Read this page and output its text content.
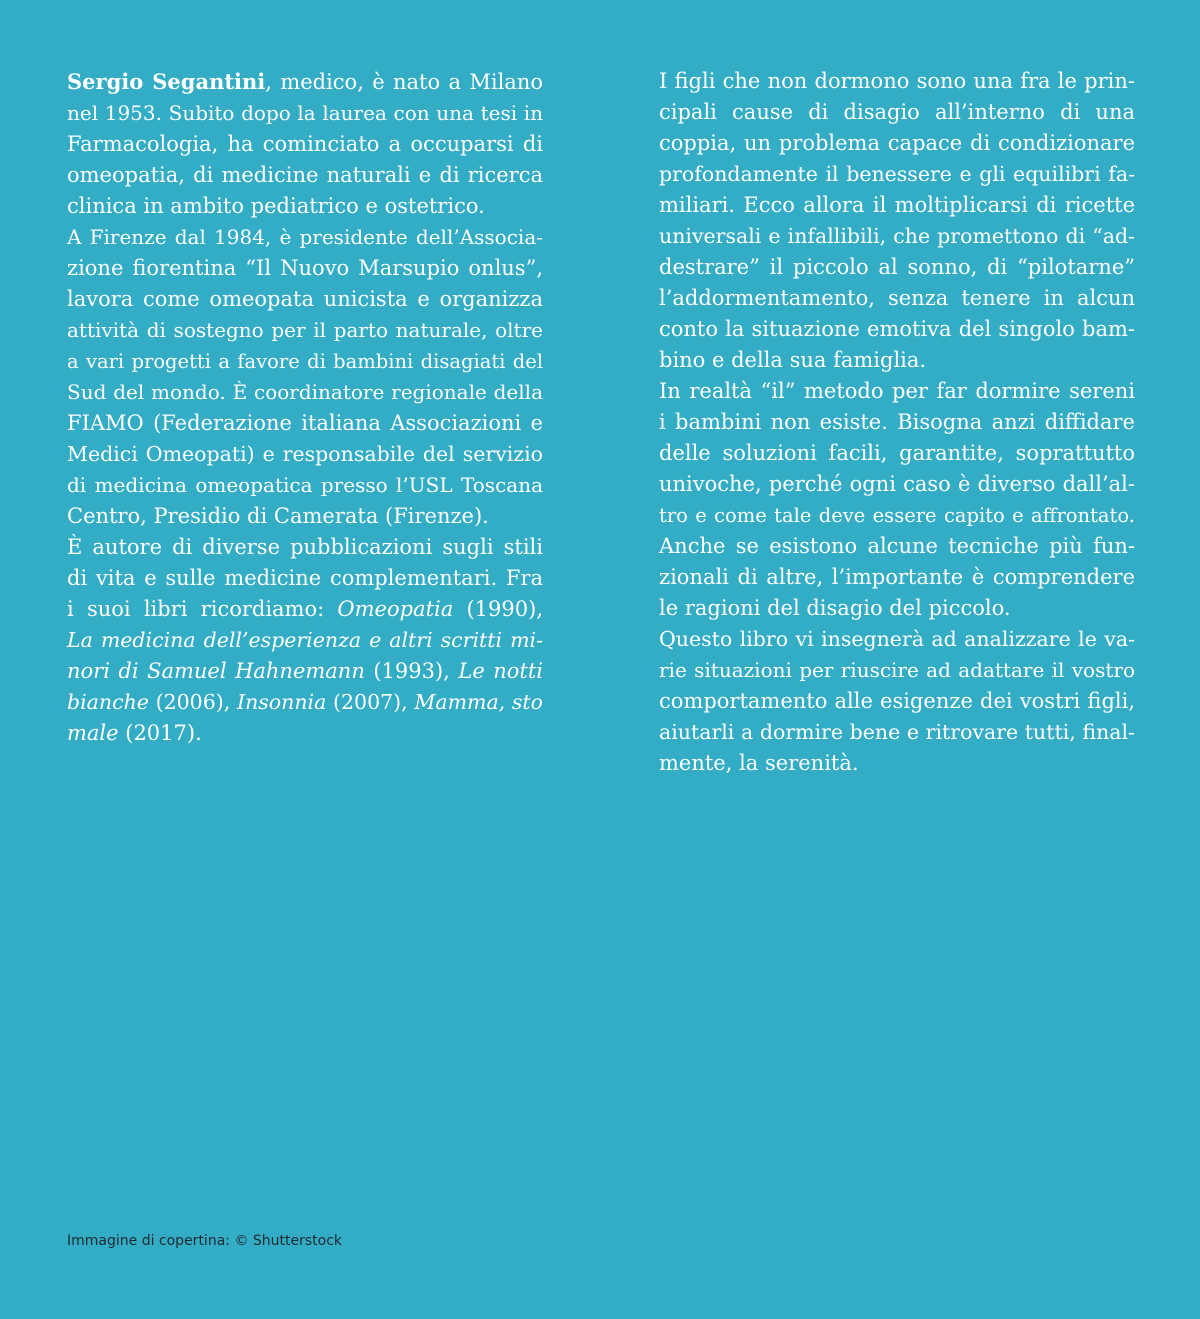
Sergio Segantini, medico, è nato a Milano
nel 1953. Subito dopo la laurea con una tesi in
Farmacologia, ha cominciato a occuparsi di
omeopatia, di medicine naturali e di ricerca
clinica in ambito pediatrico e ostetrico.

A Firenze dal 1984, è presidente dell’Associa-
zione fiorentina “Il Nuovo Marsupio onlus”,
lavora come omeopata unicista e organizza
attività di sostegno per il parto naturale, oltre
a vari progetti a favore di bambini disagiati del
Sud del mondo. È coordinatore regionale della
FIAMO (Federazione italiana Associazioni e
Medici Omeopati) e responsabile del servizio
di medicina omeopatica presso l’USL Toscana
Centro, Presidio di Camerata (Firenze).

È autore di diverse pubblicazioni sugli stili
di vita e sulle medicine complementari. Fra
i suoi libri ricordiamo: Omeopatia (1990),
La medicina dell’esperienza e altri scritti mi-
nori di Samuel Hahnemann (1993), Le notti
bianche (2006), Insonnia (2007), Mamma, sto
male (2017).

I figli che non dormono sono una fra le prin-
cipali cause di disagio all’interno di una
coppia, un problema capace di condizionare
profondamente il benessere e gli equilibri fa-
miliari. Ecco allora il moltiplicarsi di ricette
universali e infallibili, che promettono di “ad-
destrare” il piccolo al sonno, di “pilotarne”
l’addormentamento, senza tenere in alcun
conto la situazione emotiva del singolo bam-
bino e della sua famiglia.

In realtà “il” metodo per far dormire sereni
i bambini non esiste. Bisogna anzi diffidare
delle soluzioni facili, garantite, soprattutto
univoche, perché ogni caso è diverso dall’al-
tro e come tale deve essere capito e affrontato.
Anche se esistono alcune tecniche più fun-
zionali di altre, l’importante è comprendere
le ragioni del disagio del piccolo.

Questo libro vi insegnerà ad analizzare le va-
rie situazioni per riuscire ad adattare il vostro
comportamento alle esigenze dei vostri figli,
aiutarli a dormire bene e ritrovare tutti, final-
mente, la serenità.

Immagine di copertina: © Shutterstock
